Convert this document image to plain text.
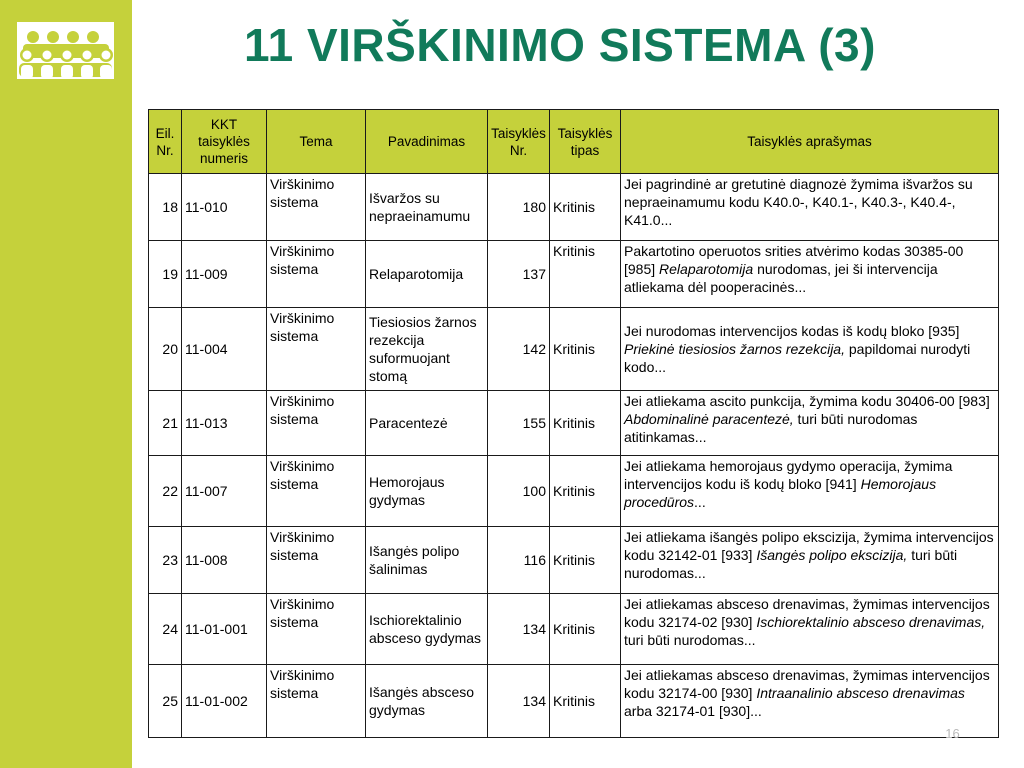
11 VIRŠKINIMO SISTEMA (3)
Eil. Nr.	KKT taisyklės numeris	Tema	Pavadinimas	Taisyklės Nr.	Taisyklės tipas	Taisyklės aprašymas
18	11-010	Virškinimo sistema	Išvaržos su nepraeinamumu	180	Kritinis	Jei pagrindinė ar gretutinė diagnozė žymima išvaržos su nepraeinamumu kodu K40.0-, K40.1-, K40.3-, K40.4-, K41.0...
19	11-009	Virškinimo sistema	Relaparotomija	137	Kritinis	Pakartotino operuotos srities atvėrimo kodas 30385-00 [985] Relaparotomija nurodomas, jei ši intervencija atliekama dėl pooperacinės...
20	11-004	Virškinimo sistema	Tiesiosios žarnos rezekcija suformuojant stomą	142	Kritinis	Jei nurodomas intervencijos kodas iš kodų bloko [935] Priekinė tiesiosios žarnos rezekcija, papildomai nurodyti kodo...
21	11-013	Virškinimo sistema	Paracentezė	155	Kritinis	Jei atliekama ascito punkcija, žymima kodu 30406-00 [983] Abdominalinė paracentezė, turi būti nurodomas atitinkamas...
22	11-007	Virškinimo sistema	Hemorojaus gydymas	100	Kritinis	Jei atliekama hemorojaus gydymo operacija, žymima intervencijos kodu iš kodų bloko [941] Hemorojaus procedūros...
23	11-008	Virškinimo sistema	Išangės polipo šalinimas	116	Kritinis	Jei atliekama išangės polipo ekscizija, žymima intervencijos kodu 32142-01 [933] Išangės polipo ekscizija, turi būti nurodomas...
24	11-01-001	Virškinimo sistema	Ischiorektalinio absceso gydymas	134	Kritinis	Jei atliekamas absceso drenavimas, žymimas intervencijos kodu 32174-02 [930] Ischiorektalinio absceso drenavimas, turi būti nurodomas...
25	11-01-002	Virškinimo sistema	Išangės absceso gydymas	134	Kritinis	Jei atliekamas absceso drenavimas, žymimas intervencijos kodu 32174-00 [930] Intraanalinio absceso drenavimas arba 32174-01 [930]...
16
